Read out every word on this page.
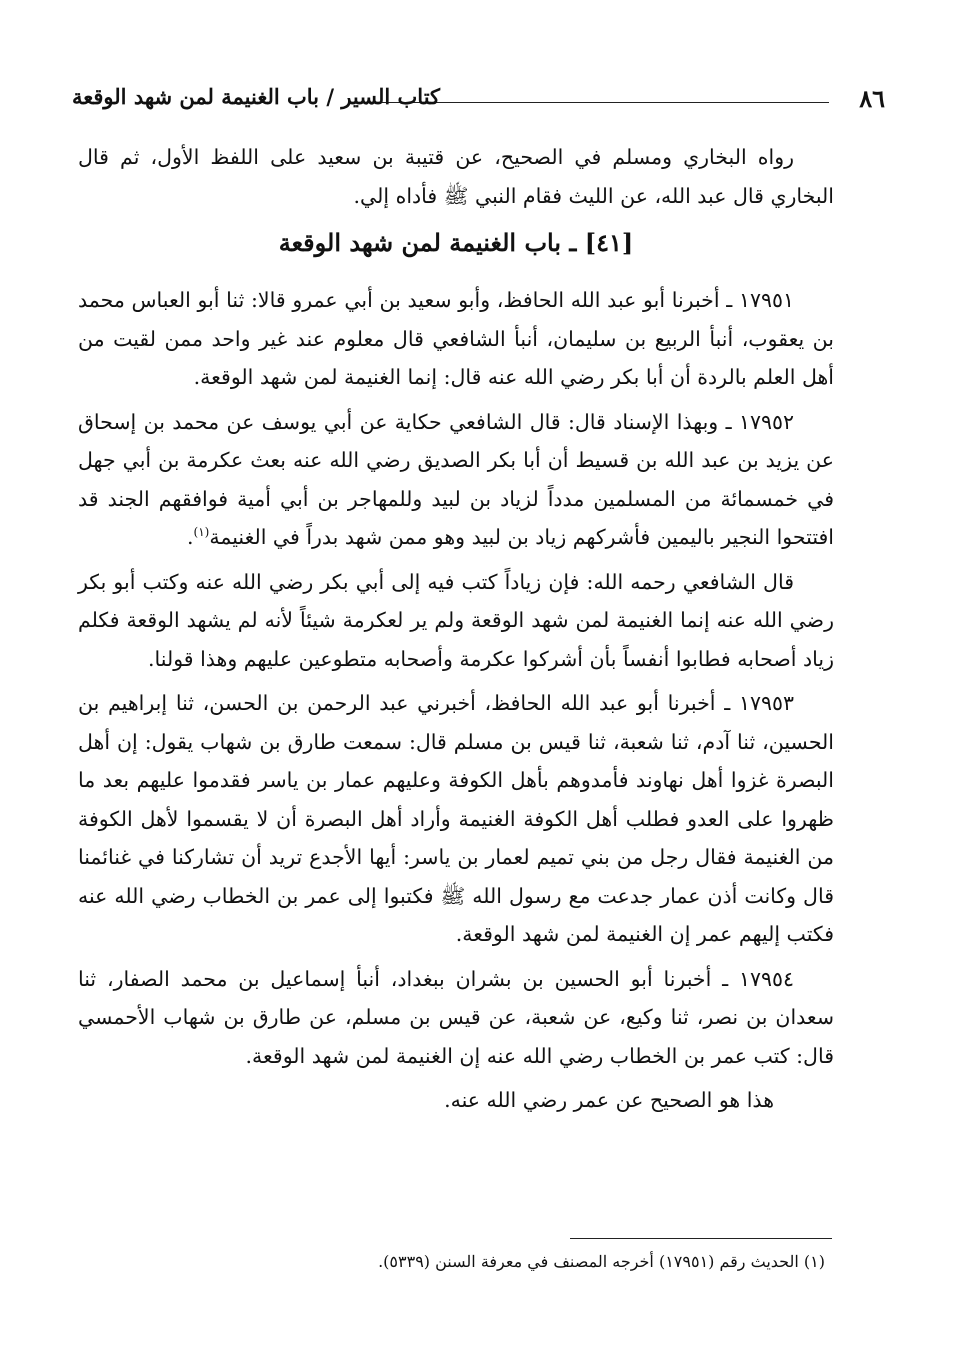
٨٦
كتاب السير / باب الغنيمة لمن شهد الوقعة

رواه البخاري ومسلم في الصحيح، عن قتيبة بن سعيد على اللفظ الأول، ثم قال البخاري قال عبد الله، عن الليث فقام النبي ﷺ فأداه إلي.

[٤١] ـ باب الغنيمة لمن شهد الوقعة

١٧٩٥١ ـ أخبرنا أبو عبد الله الحافظ، وأبو سعيد بن أبي عمرو قالا: ثنا أبو العباس محمد بن يعقوب، أنبأ الربيع بن سليمان، أنبأ الشافعي قال معلوم عند غير واحد ممن لقيت من أهل العلم بالردة أن أبا بكر رضي الله عنه قال: إنما الغنيمة لمن شهد الوقعة.

١٧٩٥٢ ـ وبهذا الإسناد قال: قال الشافعي حكاية عن أبي يوسف عن محمد بن إسحاق عن يزيد بن عبد الله بن قسيط أن أبا بكر الصديق رضي الله عنه بعث عكرمة بن أبي جهل في خمسمائة من المسلمين مدداً لزياد بن لبيد وللمهاجر بن أبي أمية فوافقهم الجند قد افتتحوا النجير باليمين فأشركهم زياد بن لبيد وهو ممن شهد بدراً في الغنيمة$^{(١)}$.

قال الشافعي رحمه الله: فإن زياداً كتب فيه إلى أبي بكر رضي الله عنه وكتب أبو بكر رضي الله عنه إنما الغنيمة لمن شهد الوقعة ولم ير لعكرمة شيئاً لأنه لم يشهد الوقعة فكلم زياد أصحابه فطابوا أنفساً بأن أشركوا عكرمة وأصحابه متطوعين عليهم وهذا قولنا.

١٧٩٥٣ ـ أخبرنا أبو عبد الله الحافظ، أخبرني عبد الرحمن بن الحسن، ثنا إبراهيم بن الحسين، ثنا آدم، ثنا شعبة، ثنا قيس بن مسلم قال: سمعت طارق بن شهاب يقول: إن أهل البصرة غزوا أهل نهاوند فأمدوهم بأهل الكوفة وعليهم عمار بن ياسر فقدموا عليهم بعد ما ظهروا على العدو فطلب أهل الكوفة الغنيمة وأراد أهل البصرة أن لا يقسموا لأهل الكوفة من الغنيمة فقال رجل من بني تميم لعمار بن ياسر: أيها الأجدع تريد أن تشاركنا في غنائمنا قال وكانت أذن عمار جدعت مع رسول الله ﷺ فكتبوا إلى عمر بن الخطاب رضي الله عنه فكتب إليهم عمر إن الغنيمة لمن شهد الوقعة.

١٧٩٥٤ ـ أخبرنا أبو الحسين بن بشران ببغداد، أنبأ إسماعيل بن محمد الصفار، ثنا سعدان بن نصر، ثنا وكيع، عن شعبة، عن قيس بن مسلم، عن طارق بن شهاب الأحمسي قال: كتب عمر بن الخطاب رضي الله عنه إن الغنيمة لمن شهد الوقعة.

هذا هو الصحيح عن عمر رضي الله عنه.

(١) الحديث رقم (١٧٩٥١) أخرجه المصنف في معرفة السنن (٥٣٣٩).
